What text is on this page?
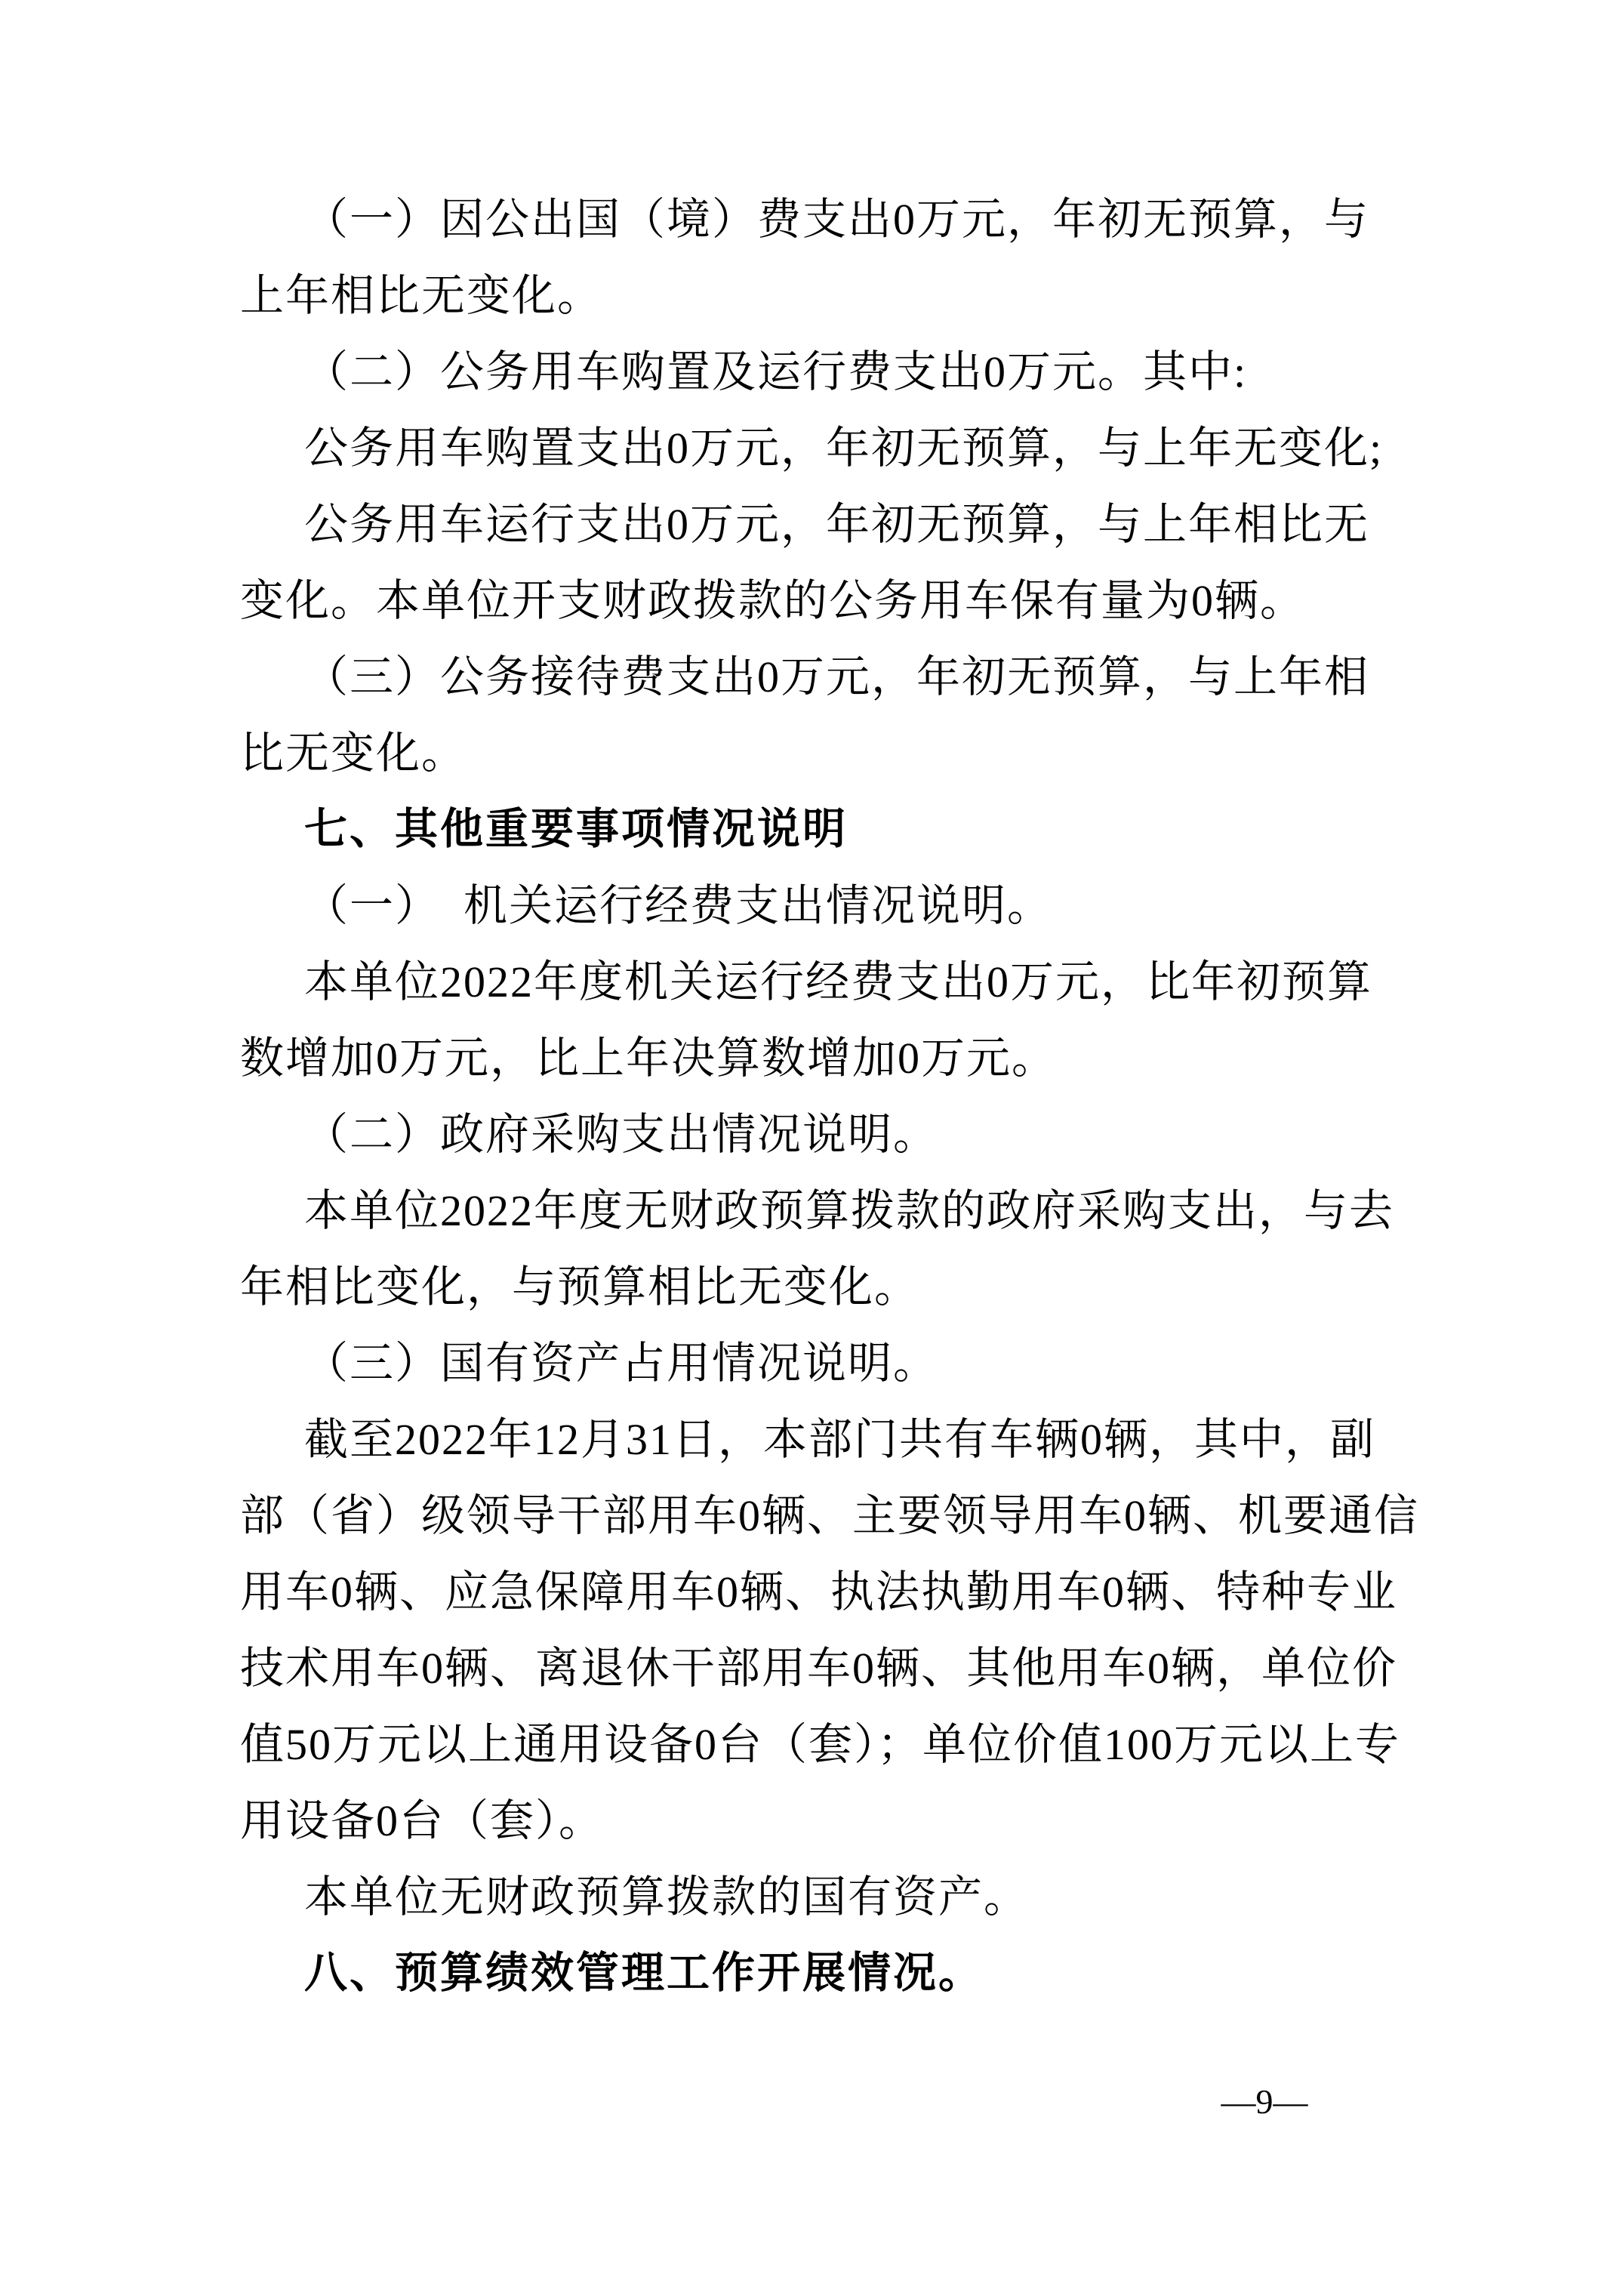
（一）因公出国（境）费支出0万元，年初无预算，与
上年相比无变化。
（二）公务用车购置及运行费支出0万元。其中:
公务用车购置支出0万元，年初无预算，与上年无变化;
公务用车运行支出0万元，年初无预算，与上年相比无
变化。本单位开支财政拨款的公务用车保有量为0辆。
（三）公务接待费支出0万元，年初无预算，与上年相
比无变化。
七、其他重要事项情况说明
（一）　机关运行经费支出情况说明。
本单位2022年度机关运行经费支出0万元，比年初预算
数增加0万元，比上年决算数增加0万元。
（二）政府采购支出情况说明。
本单位2022年度无财政预算拨款的政府采购支出，与去
年相比变化，与预算相比无变化。
（三）国有资产占用情况说明。
截至2022年12月31日，本部门共有车辆0辆，其中，副
部（省）级领导干部用车0辆、主要领导用车0辆、机要通信
用车0辆、应急保障用车0辆、执法执勤用车0辆、特种专业
技术用车0辆、离退休干部用车0辆、其他用车0辆，单位价
值50万元以上通用设备0台（套）；单位价值100万元以上专
用设备0台（套）。
本单位无财政预算拨款的国有资产。
八、预算绩效管理工作开展情况。
—9—
